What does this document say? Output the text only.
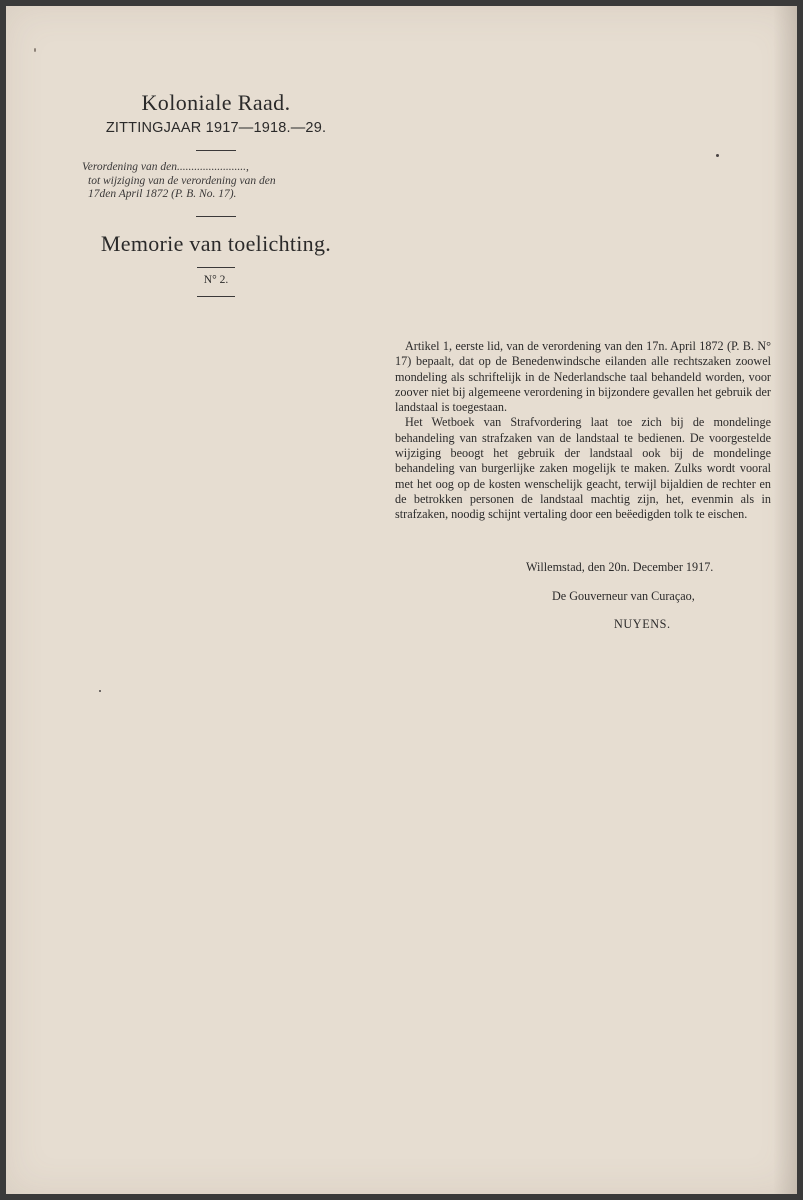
Koloniale Raad.

ZITTINGJAAR 1917—1918.—29.

Verordening van den........................,
tot wijziging van de verordening van den
17den April 1872 (P. B. No. 17).
Memorie van toelichting.

N° 2.

Artikel 1, eerste lid, van de verordening van den 17n. April 1872 (P. B. N° 17) bepaalt, dat op de Benedenwindsche eilanden alle rechtszaken zoowel mondeling als schriftelijk in de Nederlandsche taal behandeld worden, voor zoover niet bij algemeene verordening in bijzondere gevallen het gebruik der landstaal is toegestaan.

Het Wetboek van Strafvordering laat toe zich bij de mondelinge behandeling van strafzaken van de landstaal te bedienen. De voorgestelde wijziging beoogt het gebruik der landstaal ook bij de mondelinge behandeling van burgerlijke zaken mogelijk te maken. Zulks wordt vooral met het oog op de kosten wenschelijk geacht, terwijl bijaldien de rechter en de betrokken personen de landstaal machtig zijn, het, evenmin als in strafzaken, noodig schijnt vertaling door een beëedigden tolk te eischen.

Willemstad, den 20n. December 1917.
De Gouverneur van Curaçao,
NUYENS.
